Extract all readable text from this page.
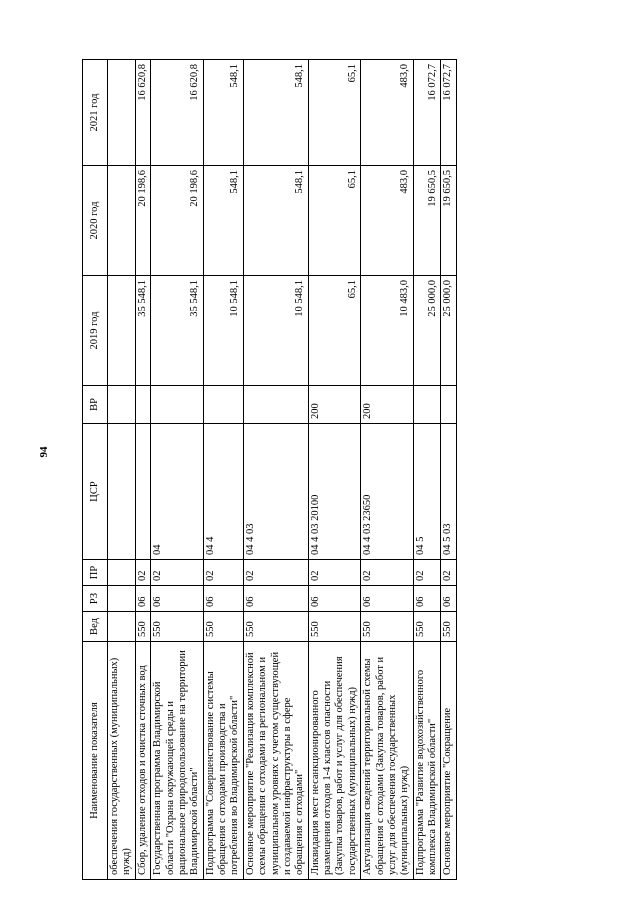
94
Наименование показателя	Вед	РЗ	ПР	ЦСР	ВР	2019 год	2020 год	2021 год
обеспечения государственных (муниципальных) нужд)								
Сбор, удаление отходов и очистка сточных вод	550	06	02			35 548,1	20 198,6	16 620,8
Государственная программа Владимирской области "Охрана окружающей среды и рациональное природопользование на территории Владимирской области"	550	06	02	04		35 548,1	20 198,6	16 620,8
Подпрограмма "Совершенствование системы обращения с отходами производства и потребления во Владимирской области"	550	06	02	04 4		10 548,1	548,1	548,1
Основное мероприятие "Реализация комплексной схемы обращения с отходами на региональном и муниципальном уровнях с учетом существующей и создаваемой инфраструктуры в сфере обращения с отходами"	550	06	02	04 4 03		10 548,1	548,1	548,1
Ликвидация мест несанкционированного размещения отходов 1-4 классов опасности (Закупка товаров, работ и услуг для обеспечения государственных (муниципальных) нужд)	550	06	02	04 4 03 20100	200	65,1	65,1	65,1
Актуализация сведений территориальной схемы обращения с отходами (Закупка товаров, работ и услуг для обеспечения государственных (муниципальных) нужд)	550	06	02	04 4 03 23650	200	10 483,0	483,0	483,0
Подпрограмма "Развитие водохозяйственного комплекса Владимирской области"	550	06	02	04 5		25 000,0	19 650,5	16 072,7
Основное мероприятие "Сокращение	550	06	02	04 5 03		25 000,0	19 650,5	16 072,7
